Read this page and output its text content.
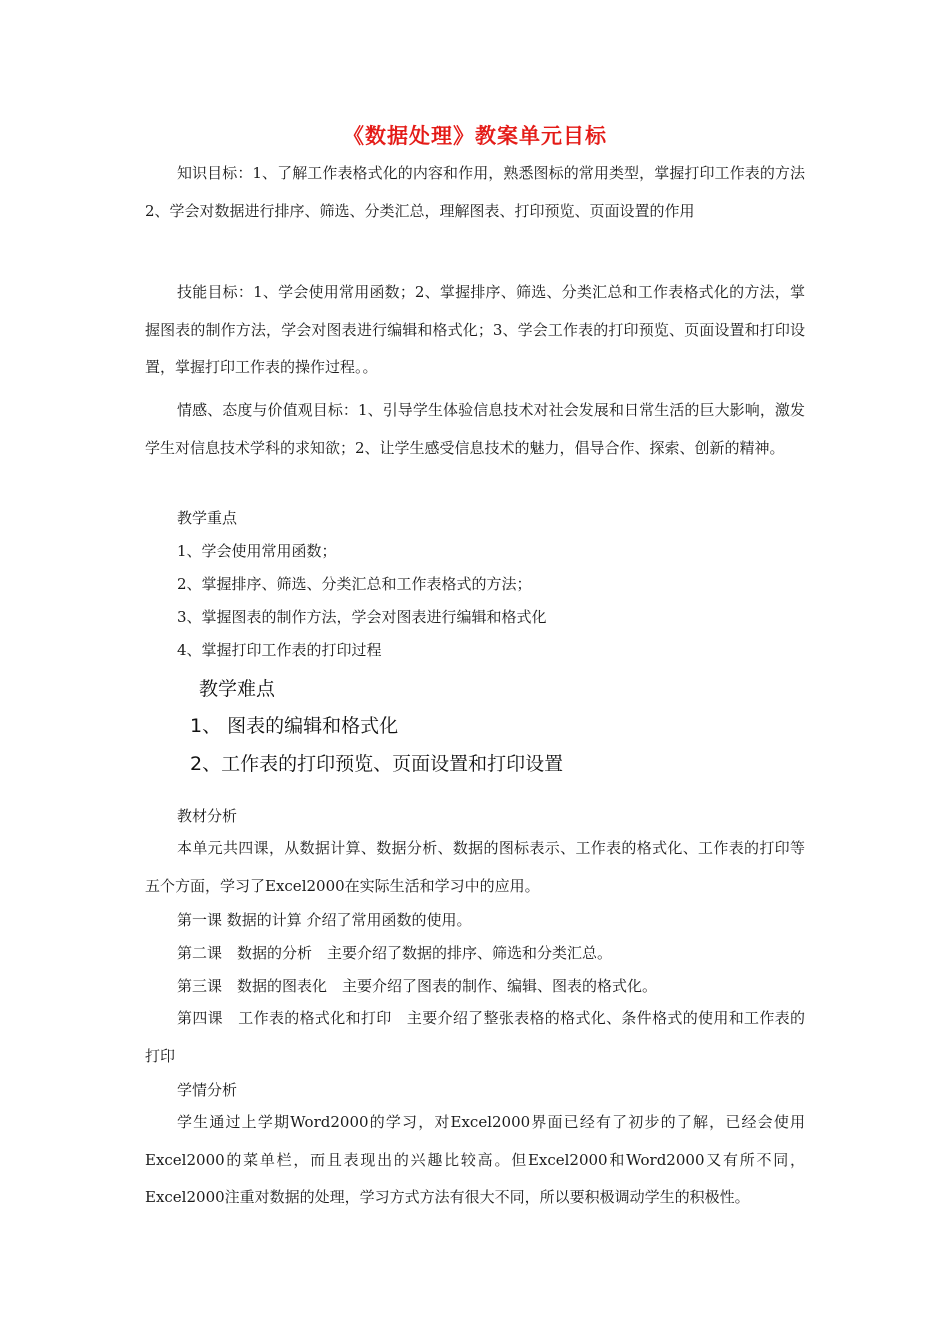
《数据处理》教案单元目标

知识目标：1、了解工作表格式化的内容和作用，熟悉图标的常用类型，掌握打印工作表的方法2、学会对数据进行排序、筛选、分类汇总，理解图表、打印预览、页面设置的作用

技能目标：1、学会使用常用函数；2、掌握排序、筛选、分类汇总和工作表格式化的方法，掌握图表的制作方法，学会对图表进行编辑和格式化；3、学会工作表的打印预览、页面设置和打印设置，掌握打印工作表的操作过程。。

情感、态度与价值观目标：1、引导学生体验信息技术对社会发展和日常生活的巨大影响，激发学生对信息技术学科的求知欲；2、让学生感受信息技术的魅力，倡导合作、探索、创新的精神。

教学重点

1、学会使用常用函数；

2、掌握排序、筛选、分类汇总和工作表格式的方法；

3、掌握图表的制作方法，学会对图表进行编辑和格式化

4、掌握打印工作表的打印过程

教学难点

1、 图表的编辑和格式化

2、工作表的打印预览、页面设置和打印设置

教材分析

本单元共四课，从数据计算、数据分析、数据的图标表示、工作表的格式化、工作表的打印等五个方面，学习了Excel2000在实际生活和学习中的应用。

第一课 数据的计算 介绍了常用函数的使用。

第二课　数据的分析　主要介绍了数据的排序、筛选和分类汇总。

第三课　数据的图表化　主要介绍了图表的制作、编辑、图表的格式化。

第四课　工作表的格式化和打印　主要介绍了整张表格的格式化、条件格式的使用和工作表的打印

学情分析

学生通过上学期Word2000的学习，对Excel2000界面已经有了初步的了解，已经会使用Excel2000的菜单栏，而且表现出的兴趣比较高。但Excel2000和Word2000又有所不同，Excel2000注重对数据的处理，学习方式方法有很大不同，所以要积极调动学生的积极性。
